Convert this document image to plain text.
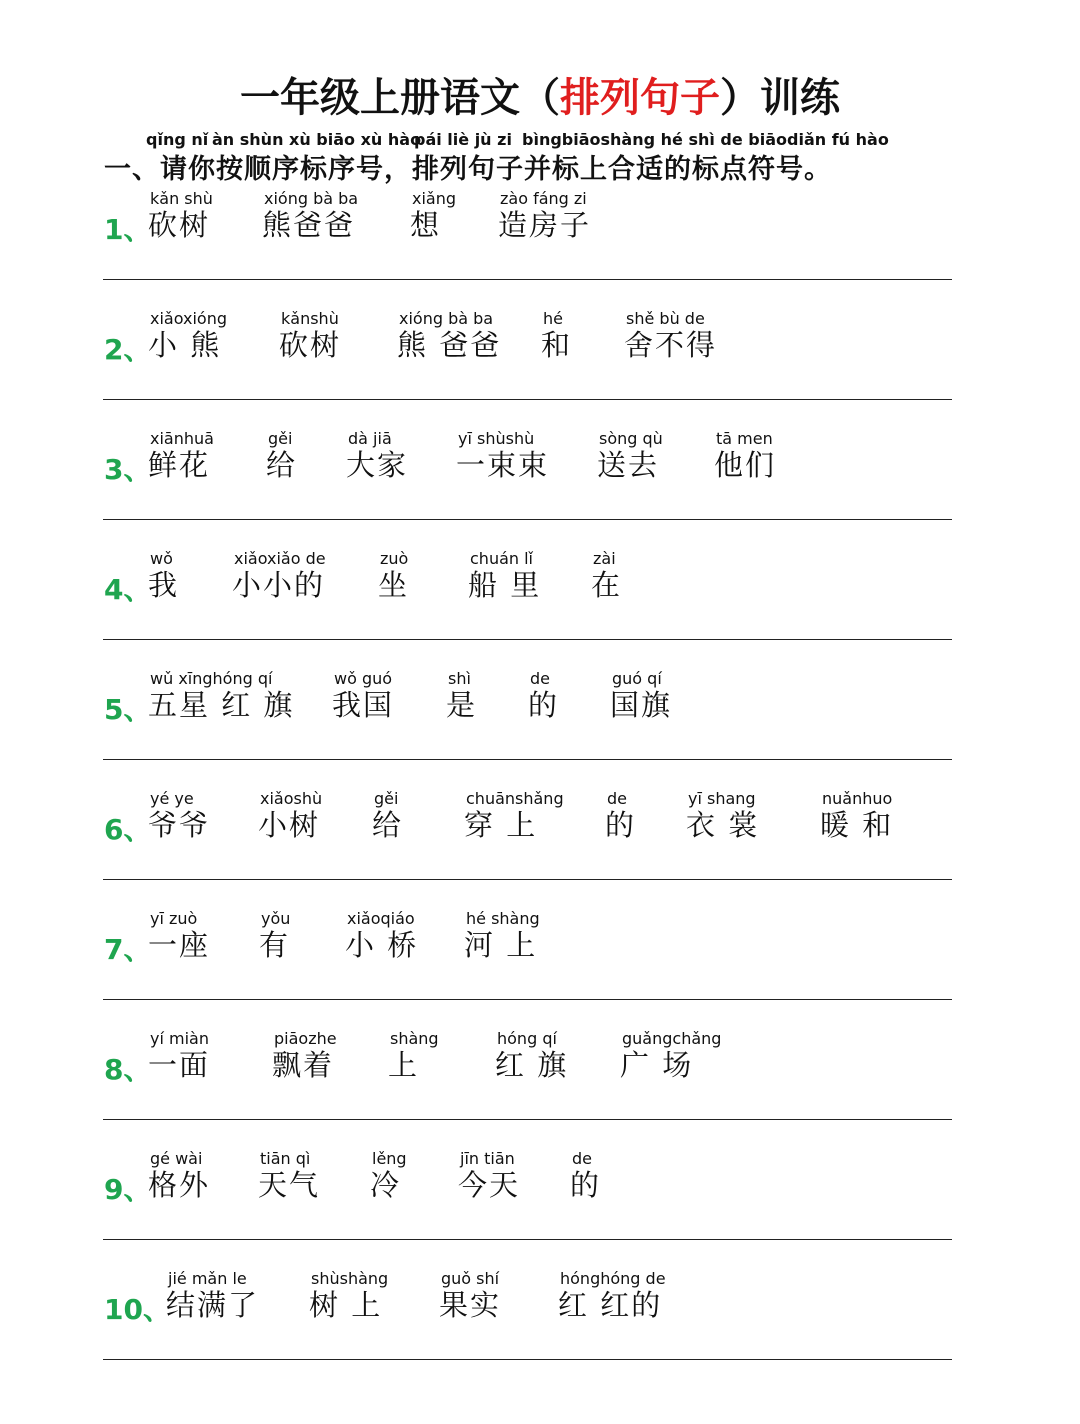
一年级上册语文（排列句子）训练
qǐng nǐ àn shùn xù biāo xù hào
pái liè jù zi bìngbiāoshàng hé shì de biāodiǎn fú hào
一、请你按顺序标序号，排列句子并标上合适的标点符号。
1、
kǎn shù
砍树
xióng bà ba
熊爸爸
xiǎng
想
zào fáng zi
造房子
2、
xiǎoxióng
小 熊
kǎnshù
砍树
xióng bà ba
熊 爸爸
hé
和
shě bù de
舍不得
3、
xiānhuā
鲜花
gěi
给
dà jiā
大家
yī shùshù
一束束
sòng qù
送去
tā men
他们
4、
wǒ
我
xiǎoxiǎo de
小小的
zuò
坐
chuán lǐ
船 里
zài
在
5、
wǔ xīnghóng qí
五星 红 旗
wǒ guó
我国
shì
是
de
的
guó qí
国旗
6、
yé ye
爷爷
xiǎoshù
小树
gěi
给
chuānshǎng
穿 上
de
的
yī shang
衣 裳
nuǎnhuo
暖 和
7、
yī zuò
一座
yǒu
有
xiǎoqiáo
小 桥
hé shàng
河 上
8、
yí miàn
一面
piāozhe
飘着
shàng
上
hóng qí
红 旗
guǎngchǎng
广 场
9、
gé wài
格外
tiān qì
天气
lěng
冷
jīn tiān
今天
de
的
10、
jié mǎn le
结满了
shùshàng
树 上
guǒ shí
果实
hónghóng de
红 红的
